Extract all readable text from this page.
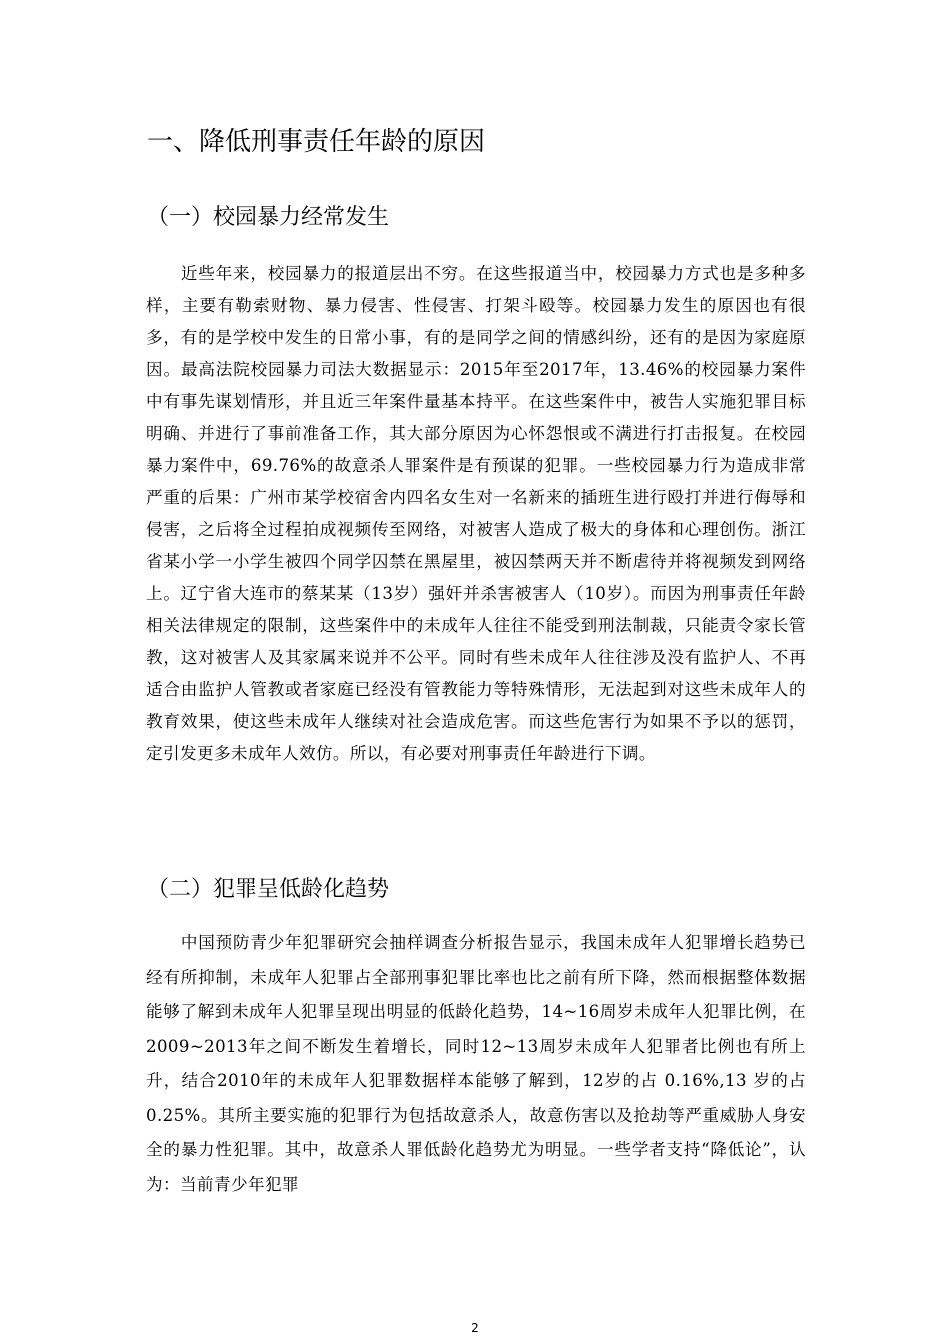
一、降低刑事责任年龄的原因
（一）校园暴力经常发生

近些年来，校园暴力的报道层出不穷。在这些报道当中，校园暴力方式也是多种多样，主要有勒索财物、暴力侵害、性侵害、打架斗殴等。校园暴力发生的原因也有很多，有的是学校中发生的日常小事，有的是同学之间的情感纠纷，还有的是因为家庭原因。最高法院校园暴力司法大数据显示：2015年至2017年，13.46%的校园暴力案件中有事先谋划情形，并且近三年案件量基本持平。在这些案件中，被告人实施犯罪目标明确、并进行了事前准备工作，其大部分原因为心怀怨恨或不满进行打击报复。在校园暴力案件中，69.76%的故意杀人罪案件是有预谋的犯罪。一些校园暴力行为造成非常严重的后果：广州市某学校宿舍内四名女生对一名新来的插班生进行殴打并进行侮辱和侵害，之后将全过程拍成视频传至网络，对被害人造成了极大的身体和心理创伤。浙江省某小学一小学生被四个同学囚禁在黑屋里，被囚禁两天并不断虐待并将视频发到网络上。辽宁省大连市的蔡某某（13岁）强奸并杀害被害人（10岁）。而因为刑事责任年龄相关法律规定的限制，这些案件中的未成年人往往不能受到刑法制裁，只能责令家长管教，这对被害人及其家属来说并不公平。同时有些未成年人往往涉及没有监护人、不再适合由监护人管教或者家庭已经没有管教能力等特殊情形，无法起到对这些未成年人的教育效果，使这些未成年人继续对社会造成危害。而这些危害行为如果不予以的惩罚，定引发更多未成年人效仿。所以，有必要对刑事责任年龄进行下调。

（二）犯罪呈低龄化趋势

中国预防青少年犯罪研究会抽样调查分析报告显示，我国未成年人犯罪增长趋势已经有所抑制，未成年人犯罪占全部刑事犯罪比率也比之前有所下降，然而根据整体数据能够了解到未成年人犯罪呈现出明显的低龄化趋势，14~16周岁未成年人犯罪比例，在2009~2013年之间不断发生着增长，同时12~13周岁未成年人犯罪者比例也有所上升，结合2010年的未成年人犯罪数据样本能够了解到，12岁的占 0.16%,13 岁的占 0.25%。其所主要实施的犯罪行为包括故意杀人，故意伤害以及抢劫等严重威胁人身安全的暴力性犯罪。其中，故意杀人罪低龄化趋势尤为明显。一些学者支持“降低论”，认为：当前青少年犯罪

2
